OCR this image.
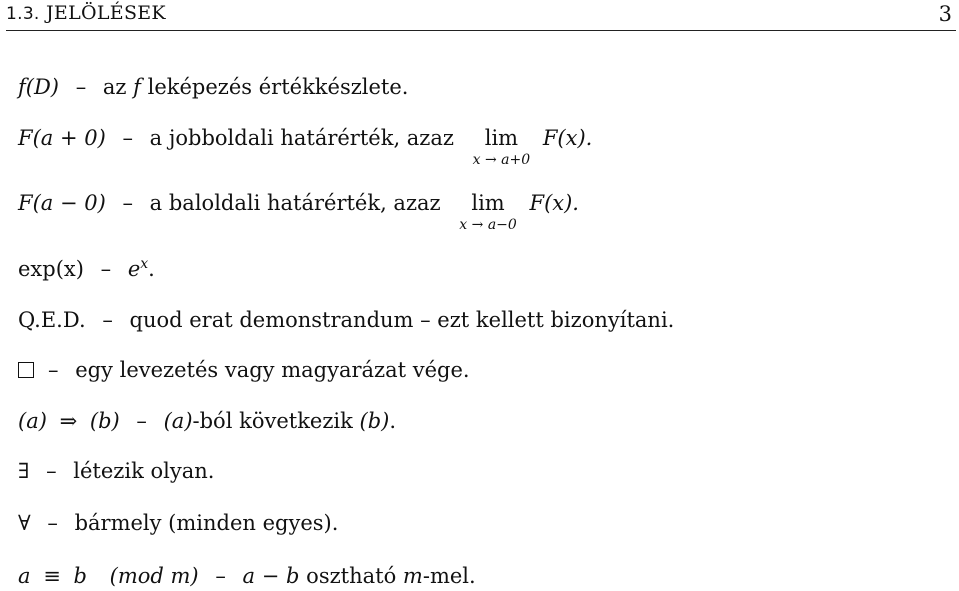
1.3. JELÖLÉSEK	3
f(D) – az f leképezés értékkészlete.
F(a + 0) – a jobboldali határérték, azaz	lim
x → a+0
F(x).
F(a − 0) – a baloldali határérték, azaz	lim
x → a−0
F(x).
$\exp(x) - e^x$.
Q.E.D. – quod erat demonstrandum – ezt kellett bizonyítani.
– egy levezetés vagy magyarázat vége.
(a) ⇒ (b) – (a)-ból következik (b).
∃ – létezik olyan.
∀ – bármely (minden egyes).
a ≡ b (mod m) – a − b osztható m-mel.
